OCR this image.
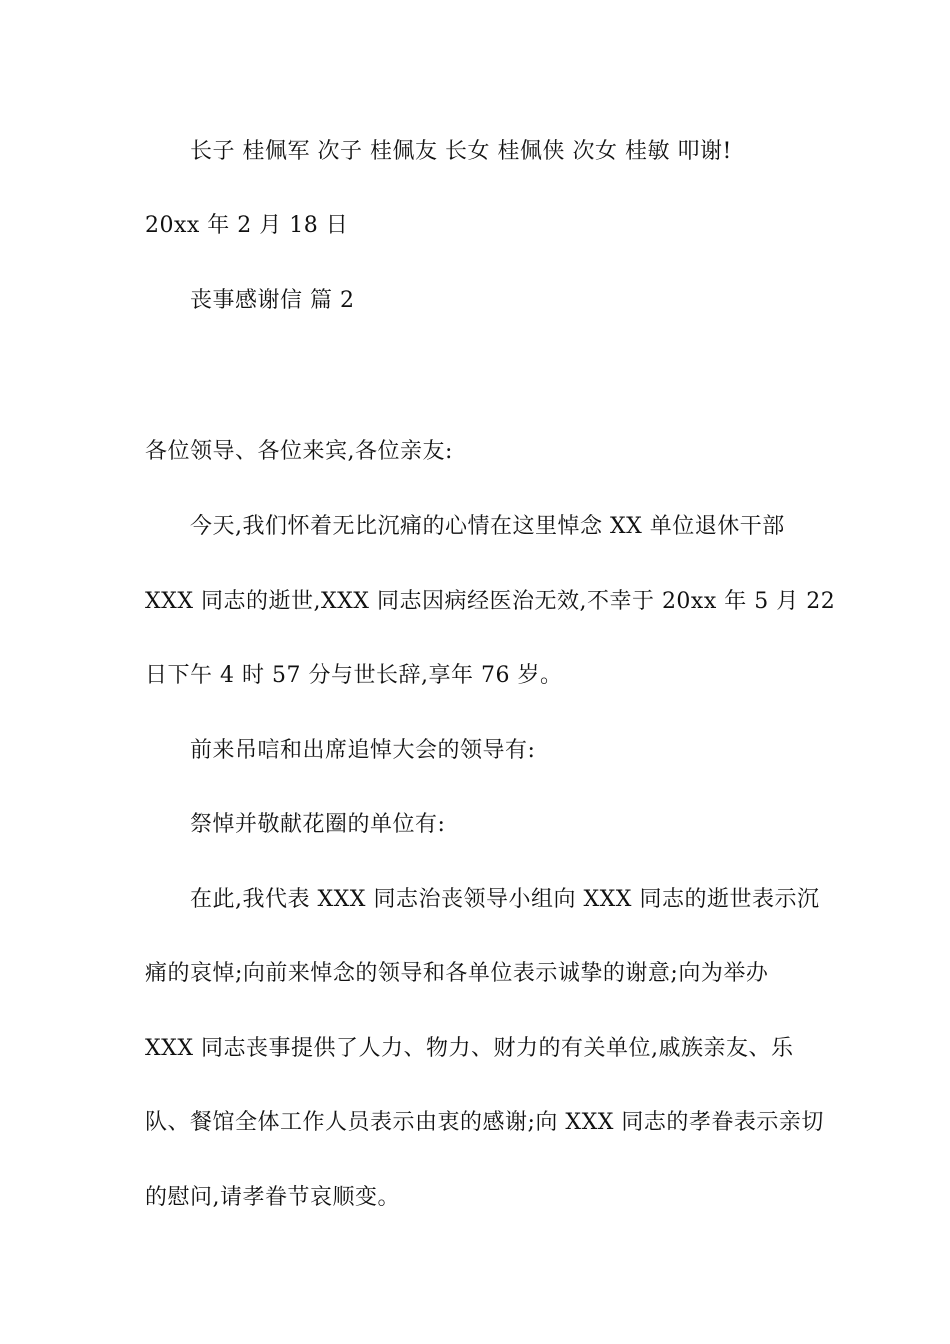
长子 桂佩军 次子 桂佩友 长女 桂佩侠 次女 桂敏 叩谢!
20xx 年 2 月 18 日
丧事感谢信 篇 2
各位领导、各位来宾,各位亲友:
今天,我们怀着无比沉痛的心情在这里悼念 XX 单位退休干部
XXX 同志的逝世,XXX 同志因病经医治无效,不幸于 20xx 年 5 月 22
日下午 4 时 57 分与世长辞,享年 76 岁。
前来吊唁和出席追悼大会的领导有:
祭悼并敬献花圈的单位有:
在此,我代表 XXX 同志治丧领导小组向 XXX 同志的逝世表示沉
痛的哀悼;向前来悼念的领导和各单位表示诚挚的谢意;向为举办
XXX 同志丧事提供了人力、物力、财力的有关单位,戚族亲友、乐
队、餐馆全体工作人员表示由衷的感谢;向 XXX 同志的孝眷表示亲切
的慰问,请孝眷节哀顺变。
